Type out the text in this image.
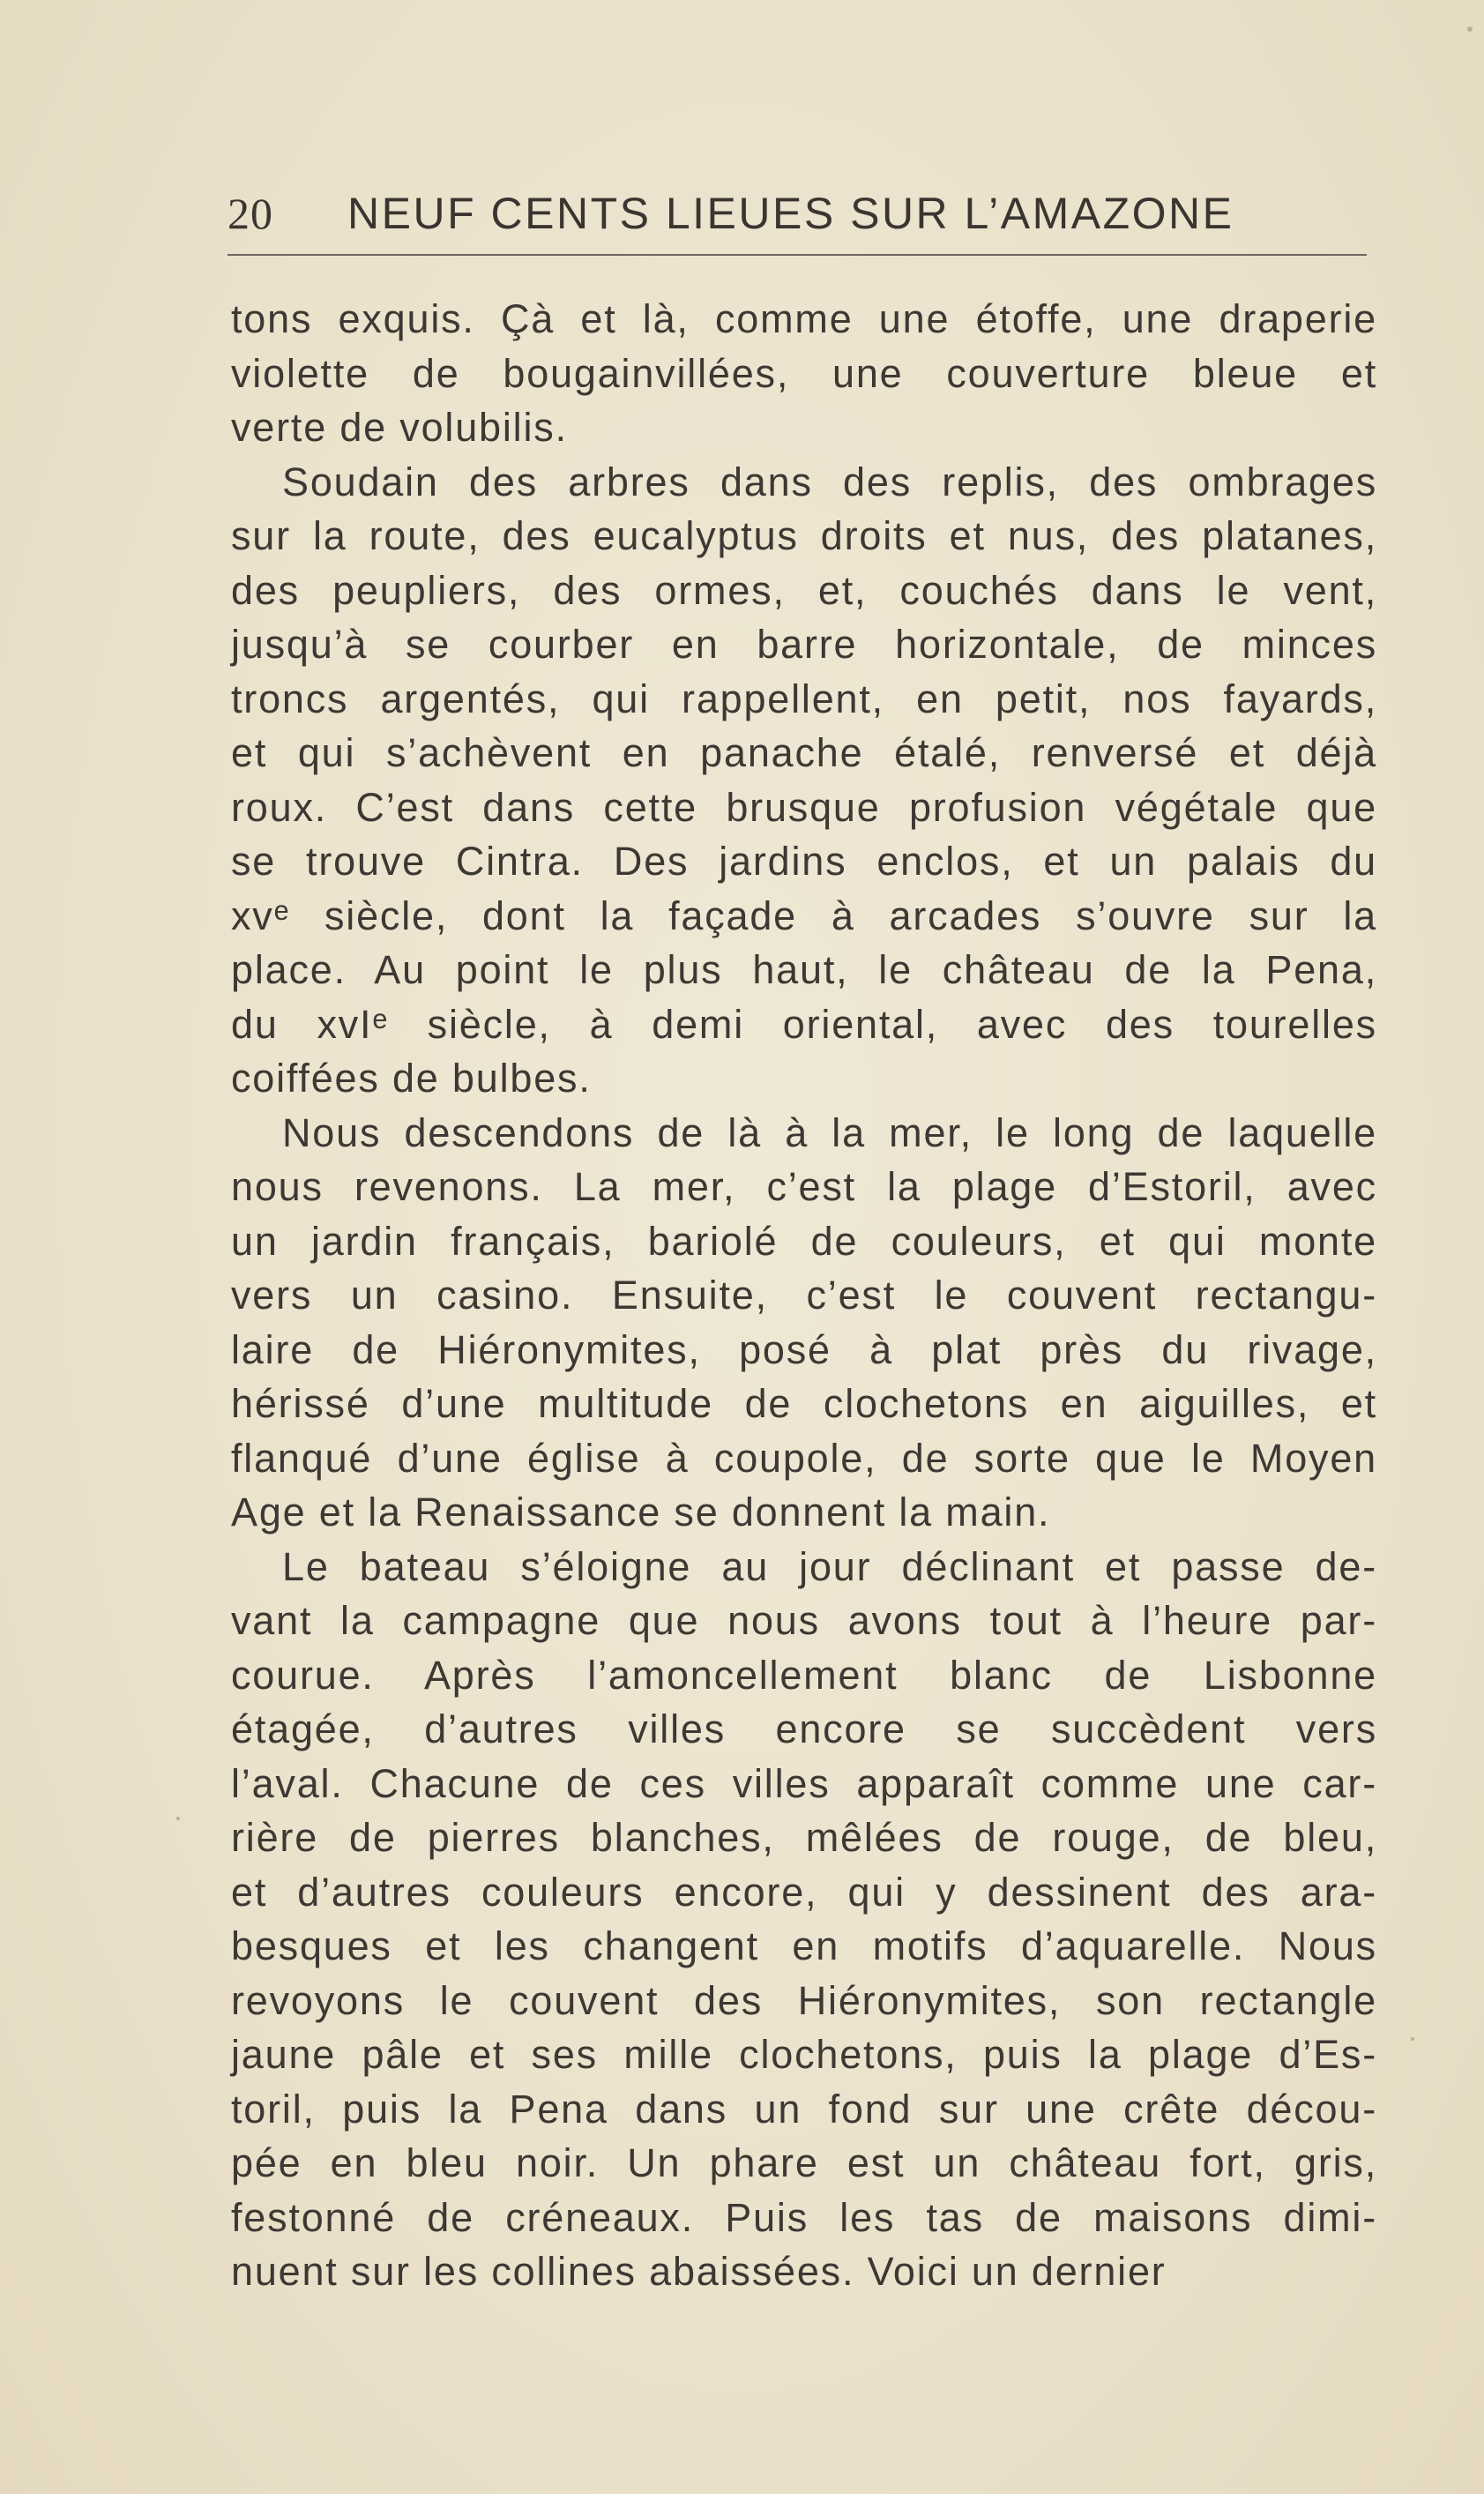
20 NEUF CENTS LIEUES SUR L’AMAZONE
tons exquis. Çà et là, comme une étoffe, une draperie
violette de bougainvillées, une couverture bleue et
verte de volubilis.
Soudain des arbres dans des replis, des ombrages
sur la route, des eucalyptus droits et nus, des platanes,
des peupliers, des ormes, et, couchés dans le vent,
jusqu’à se courber en barre horizontale, de minces
troncs argentés, qui rappellent, en petit, nos fayards,
et qui s’achèvent en panache étalé, renversé et déjà
roux. C’est dans cette brusque profusion végétale que
se trouve Cintra. Des jardins enclos, et un palais du
xvᵉ siècle, dont la façade à arcades s’ouvre sur la
place. Au point le plus haut, le château de la Pena,
du xvIᵉ siècle, à demi oriental, avec des tourelles
coiffées de bulbes.
Nous descendons de là à la mer, le long de laquelle
nous revenons. La mer, c’est la plage d’Estoril, avec
un jardin français, bariolé de couleurs, et qui monte
vers un casino. Ensuite, c’est le couvent rectangu-
laire de Hiéronymites, posé à plat près du rivage,
hérissé d’une multitude de clochetons en aiguilles, et
flanqué d’une église à coupole, de sorte que le Moyen
Age et la Renaissance se donnent la main.
Le bateau s’éloigne au jour déclinant et passe de-
vant la campagne que nous avons tout à l’heure par-
courue. Après l’amoncellement blanc de Lisbonne
étagée, d’autres villes encore se succèdent vers
l’aval. Chacune de ces villes apparaît comme une car-
rière de pierres blanches, mêlées de rouge, de bleu,
et d’autres couleurs encore, qui y dessinent des ara-
besques et les changent en motifs d’aquarelle. Nous
revoyons le couvent des Hiéronymites, son rectangle
jaune pâle et ses mille clochetons, puis la plage d’Es-
toril, puis la Pena dans un fond sur une crête décou-
pée en bleu noir. Un phare est un château fort, gris,
festonné de créneaux. Puis les tas de maisons dimi-
nuent sur les collines abaissées. Voici un dernier
